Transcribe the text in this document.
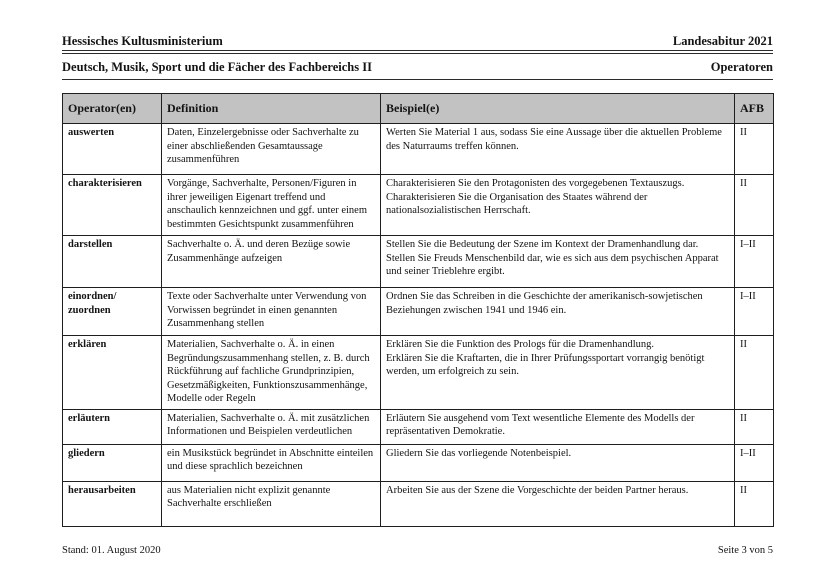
Hessisches Kultusministerium	Landesabitur 2021
Deutsch, Musik, Sport und die Fächer des Fachbereichs II	Operatoren
Operator(en)	Definition	Beispiel(e)	AFB

auswerten	Daten, Einzelergebnisse oder Sachverhalte zu einer abschließenden Gesamtaussage zusammenführen	Werten Sie Material 1 aus, sodass Sie eine Aussage über die aktuellen Probleme des Naturraums treffen können.	II

charakterisieren	Vorgänge, Sachverhalte, Personen/Figuren in ihrer jeweiligen Eigenart treffend und anschaulich kennzeichnen und ggf. unter einem bestimmten Gesichtspunkt zusammenführen	Charakterisieren Sie den Protagonisten des vorgegebenen Textauszugs.
Charakterisieren Sie die Organisation des Staates während der nationalsozialistischen Herrschaft.	II

darstellen	Sachverhalte o. Ä. und deren Bezüge sowie Zusammenhänge aufzeigen	Stellen Sie die Bedeutung der Szene im Kontext der Dramenhandlung dar.
Stellen Sie Freuds Menschenbild dar, wie es sich aus dem psychischen Apparat und seiner Trieblehre ergibt.	I–II

einordnen/
zuordnen	Texte oder Sachverhalte unter Verwendung von Vorwissen begründet in einen genannten Zusammenhang stellen	Ordnen Sie das Schreiben in die Geschichte der amerikanisch-sowjetischen Beziehungen zwischen 1941 und 1946 ein.	I–II

erklären	Materialien, Sachverhalte o. Ä. in einen Begründungszusammenhang stellen, z. B. durch Rückführung auf fachliche Grundprinzipien, Gesetzmäßigkeiten, Funktionszusammenhänge, Modelle oder Regeln	Erklären Sie die Funktion des Prologs für die Dramenhandlung.
Erklären Sie die Kraftarten, die in Ihrer Prüfungssportart vorrangig benötigt werden, um erfolgreich zu sein.	II

erläutern	Materialien, Sachverhalte o. Ä. mit zusätzlichen Informationen und Beispielen verdeutlichen	Erläutern Sie ausgehend vom Text wesentliche Elemente des Modells der repräsentativen Demokratie.	II

gliedern	ein Musikstück begründet in Abschnitte einteilen und diese sprachlich bezeichnen	Gliedern Sie das vorliegende Notenbeispiel.	I–II

herausarbeiten	aus Materialien nicht explizit genannte Sachverhalte erschließen	Arbeiten Sie aus der Szene die Vorgeschichte der beiden Partner heraus.	II
Stand: 01. August 2020	Seite 3 von 5
